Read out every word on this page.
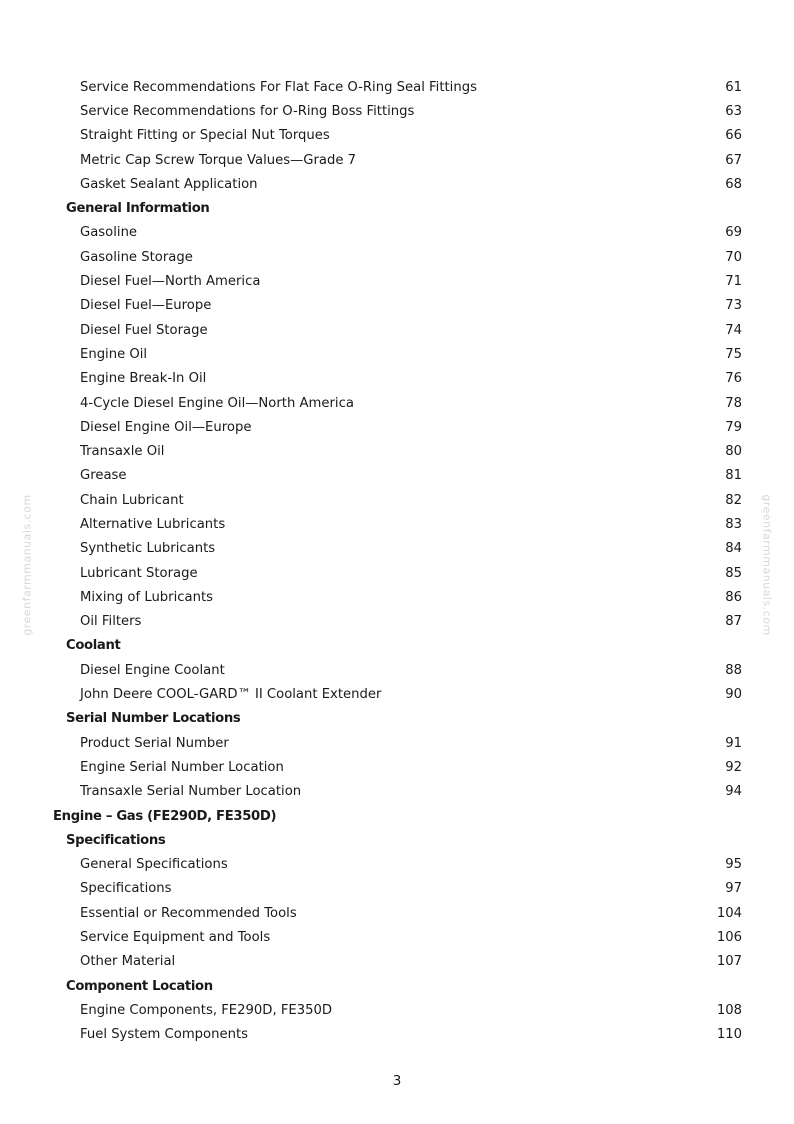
Service Recommendations For Flat Face O-Ring Seal Fittings	61
Service Recommendations for O-Ring Boss Fittings	63
Straight Fitting or Special Nut Torques	66
Metric Cap Screw Torque Values—Grade 7	67
Gasket Sealant Application	68
General Information
Gasoline	69
Gasoline Storage	70
Diesel Fuel—North America	71
Diesel Fuel—Europe	73
Diesel Fuel Storage	74
Engine Oil	75
Engine Break-In Oil	76
4-Cycle Diesel Engine Oil—North America	78
Diesel Engine Oil—Europe	79
Transaxle Oil	80
Grease	81
Chain Lubricant	82
Alternative Lubricants	83
Synthetic Lubricants	84
Lubricant Storage	85
Mixing of Lubricants	86
Oil Filters	87
Coolant
Diesel Engine Coolant	88
John Deere COOL-GARD™ II Coolant Extender	90
Serial Number Locations
Product Serial Number	91
Engine Serial Number Location	92
Transaxle Serial Number Location	94
Engine – Gas (FE290D, FE350D)
Specifications
General Specifications	95
Specifications	97
Essential or Recommended Tools	104
Service Equipment and Tools	106
Other Material	107
Component Location
Engine Components, FE290D, FE350D	108
Fuel System Components	110
3
greenfarmmanuals.com	greenfarmmanuals.com
